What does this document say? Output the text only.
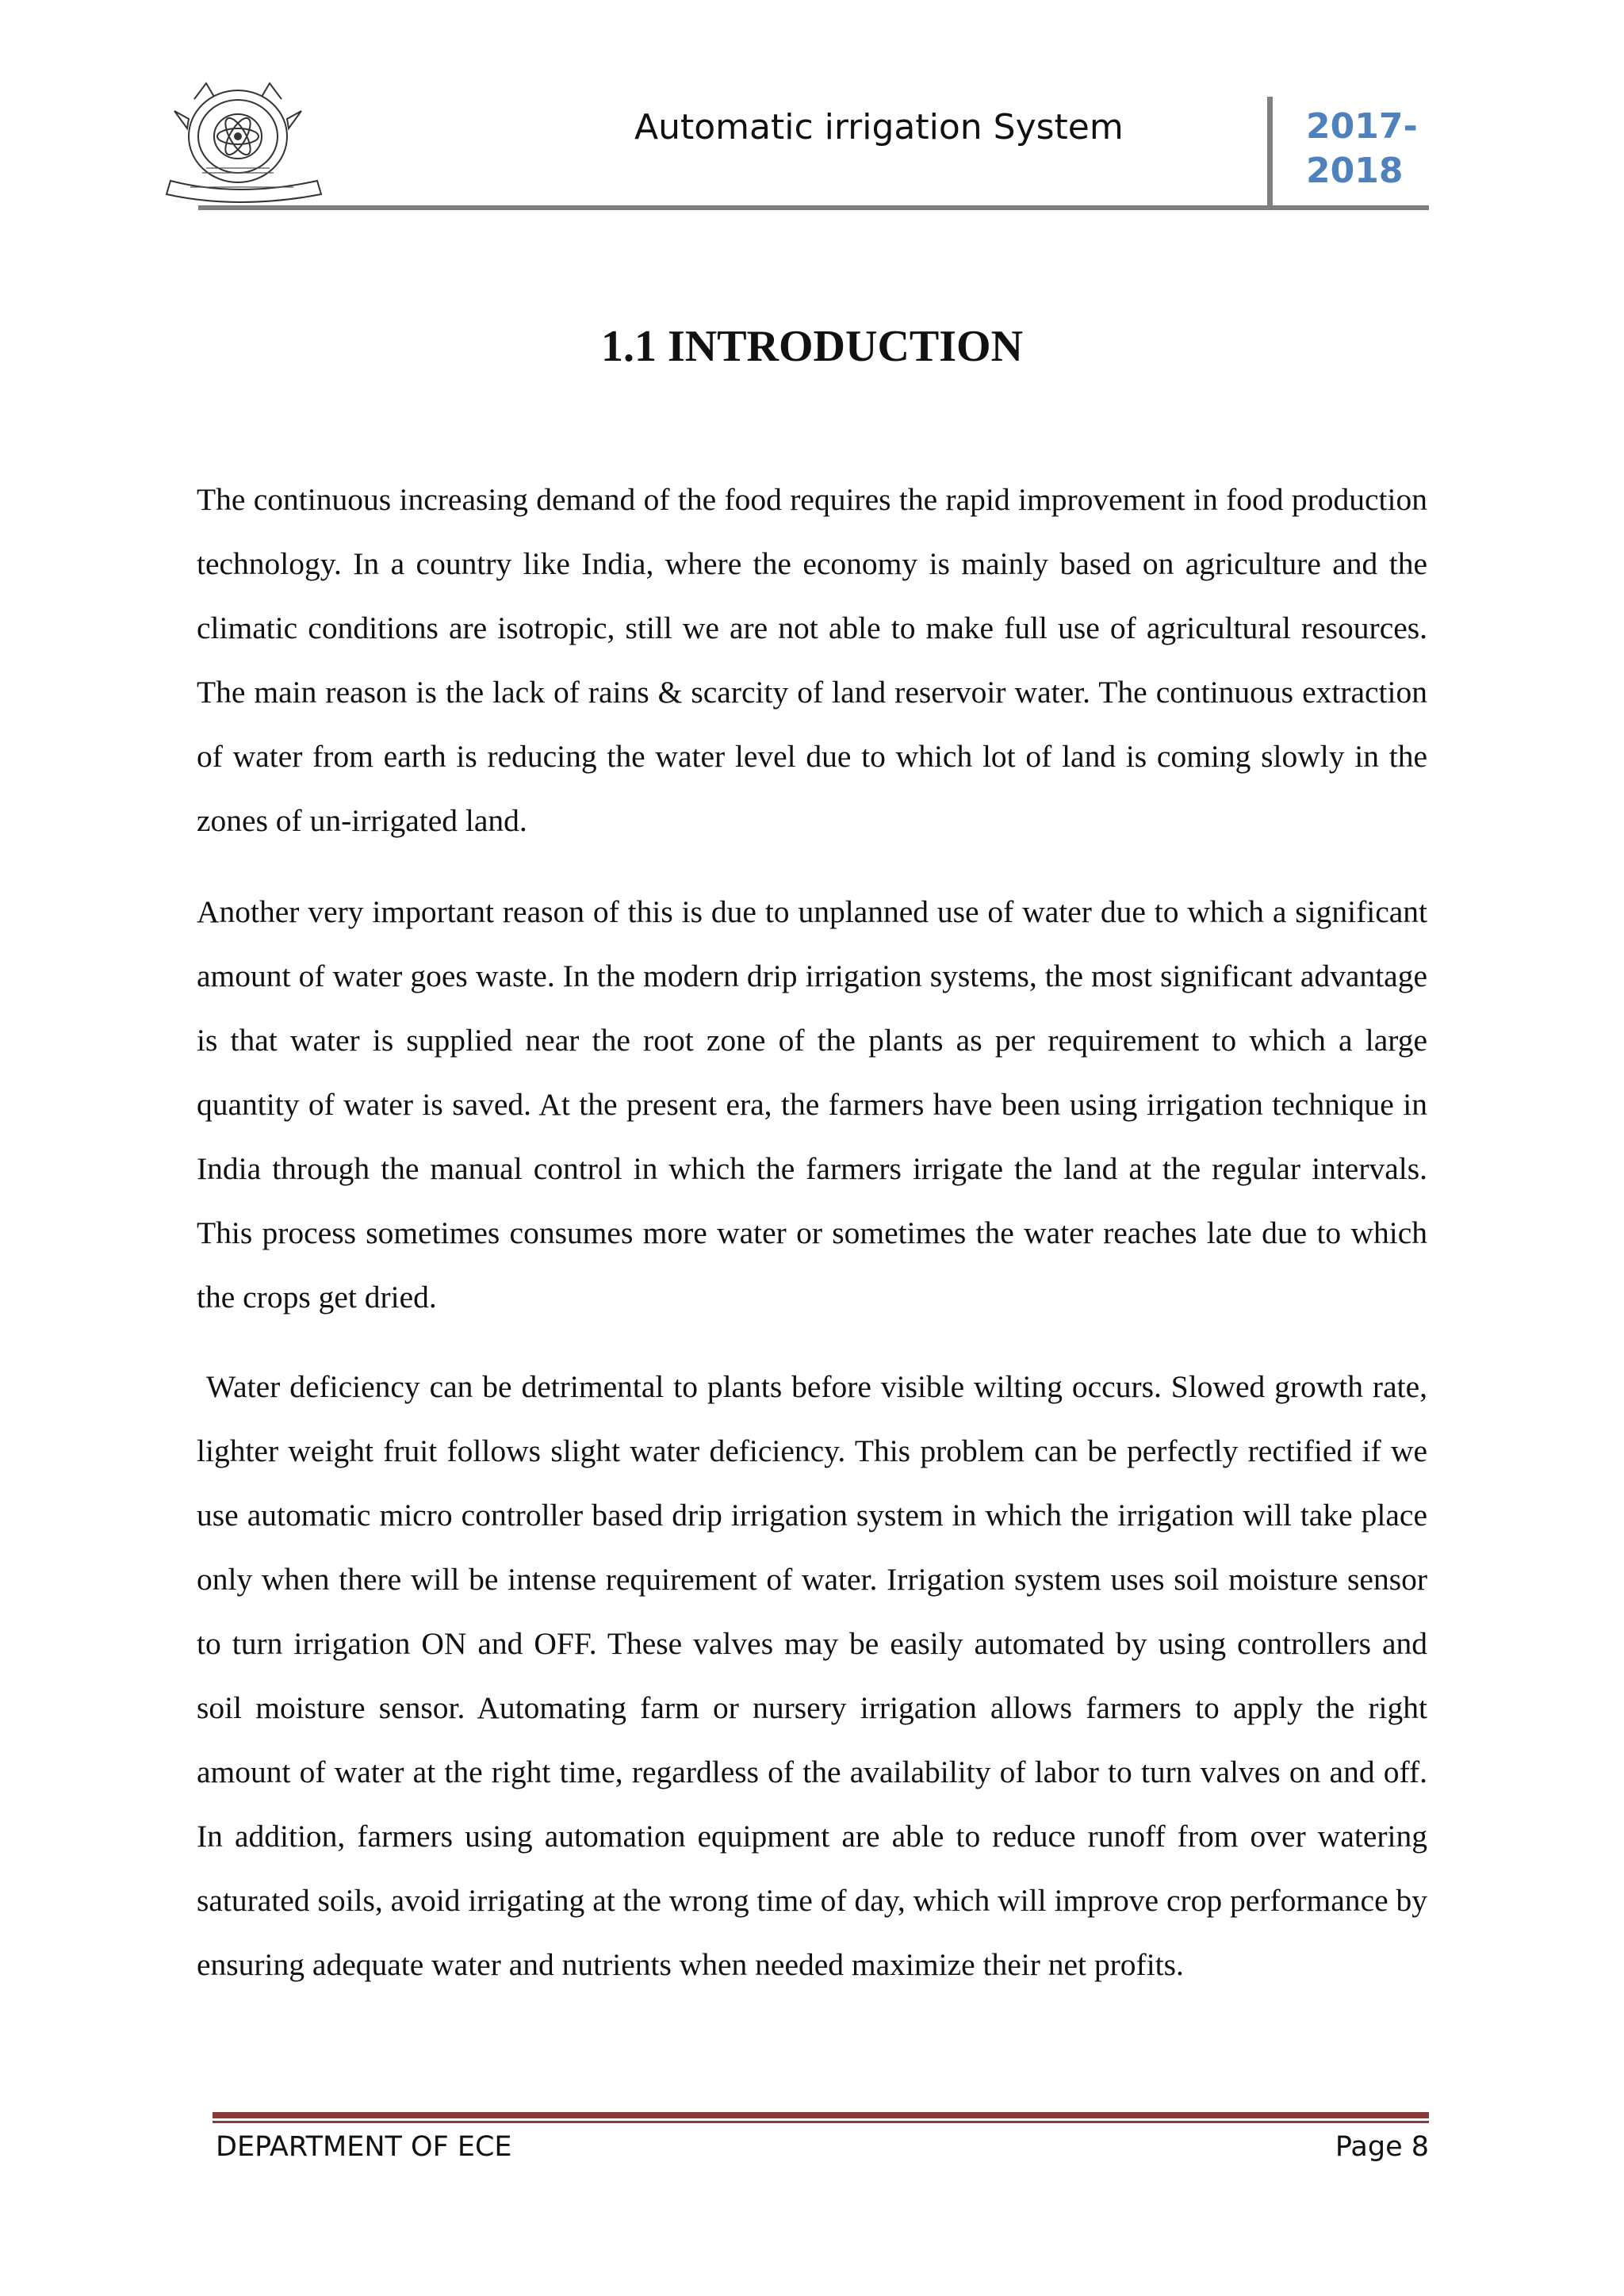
Automatic irrigation System	2017-2018
1.1 INTRODUCTION

The continuous increasing demand of the food requires the rapid improvement in food production technology. In a country like India, where the economy is mainly based on agriculture and the climatic conditions are isotropic, still we are not able to make full use of agricultural resources. The main reason is the lack of rains & scarcity of land reservoir water. The continuous extraction of water from earth is reducing the water level due to which lot of land is coming slowly in the zones of un-irrigated land.

Another very important reason of this is due to unplanned use of water due to which a significant amount of water goes waste. In the modern drip irrigation systems, the most significant advantage is that water is supplied near the root zone of the plants as per requirement to which a large quantity of water is saved. At the present era, the farmers have been using irrigation technique in India through the manual control in which the farmers irrigate the land at the regular intervals. This process sometimes consumes more water or sometimes the water reaches late due to which the crops get dried.

Water deficiency can be detrimental to plants before visible wilting occurs. Slowed growth rate, lighter weight fruit follows slight water deficiency. This problem can be perfectly rectified if we use automatic micro controller based drip irrigation system in which the irrigation will take place only when there will be intense requirement of water. Irrigation system uses soil moisture sensor to turn irrigation ON and OFF. These valves may be easily automated by using controllers and soil moisture sensor. Automating farm or nursery irrigation allows farmers to apply the right amount of water at the right time, regardless of the availability of labor to turn valves on and off. In addition, farmers using automation equipment are able to reduce runoff from over watering saturated soils, avoid irrigating at the wrong time of day, which will improve crop performance by ensuring adequate water and nutrients when needed maximize their net profits.

DEPARTMENT OF ECE	Page 8
